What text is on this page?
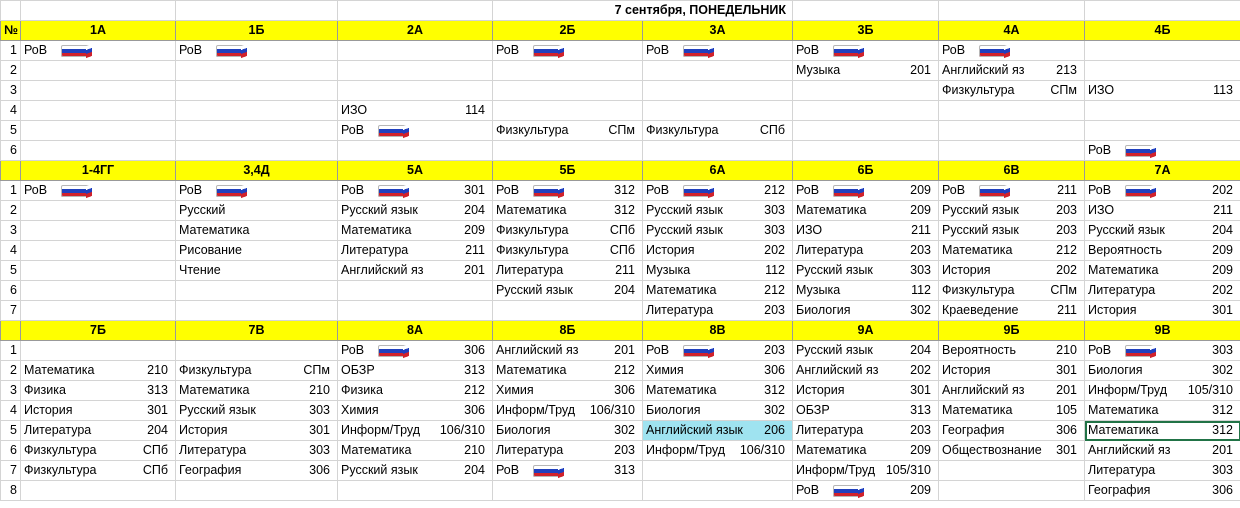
				7 сентября, ПОНЕДЕЛЬНИК				
№	1А	1Б	2А	2Б	3А	3Б	4А	4Б
1	РоВ	РоВ		РоВ	РоВ	РоВ	РоВ	

2						Музыка 201	Английский яз 213	

3							Физкультура СПм	ИЗО 113

4			ИЗО 114					

5			РоВ	Физкультура СПм	Физкультура СПб			

6								РоВ

	1-4ГГ	3,4Д	5А	5Б	6А	6Б	6В	7А
1	РоВ	РоВ	РоВ 301	РоВ 312	РоВ 212	РоВ 209	РоВ 211	РоВ 202

2		Русский	Русский язык 204	Математика 312	Русский язык 303	Математика 209	Русский язык 203	ИЗО 211

3		Математика	Математика 209	Физкультура СПб	Русский язык 303	ИЗО 211	Русский язык 203	Русский язык 204

4		Рисование	Литература 211	Физкультура СПб	История 202	Литература 203	Математика 212	Вероятность 209

5		Чтение	Английский яз 201	Литература 211	Музыка 112	Русский язык 303	История 202	Математика 209

6				Русский язык 204	Математика 212	Музыка 112	Физкультура СПм	Литература 202

7					Литература 203	Биология 302	Краеведение 211	История 301

	7Б	7В	8А	8Б	8В	9А	9Б	9В
1			РоВ 306	Английский яз 201	РоВ 203	Русский язык 204	Вероятность 210	РоВ 303

2	Математика 210	Физкультура СПм	ОБЗР 313	Математика 212	Химия 306	Английский яз 202	История 301	Биология 302

3	Физика 313	Математика 210	Физика 212	Химия 306	Математика 312	История 301	Английский яз 201	Информ/Труд 105/310

4	История 301	Русский язык 303	Химия 306	Информ/Труд 106/310	Биология 302	ОБЗР 313	Математика 105	Математика 312

5	Литература 204	История 301	Информ/Труд 106/310	Биология 302	Английский язык 206	Литература 203	География 306	Математика 312

6	Физкультура СПб	Литература 303	Математика 210	Литература 203	Информ/Труд 106/310	Математика 209	Обществознание 301	Английский яз 201

7	Физкультура СПб	География 306	Русский язык 204	РоВ 313		Информ/Труд 105/310		Литература 303

8						РоВ 209		География 306
